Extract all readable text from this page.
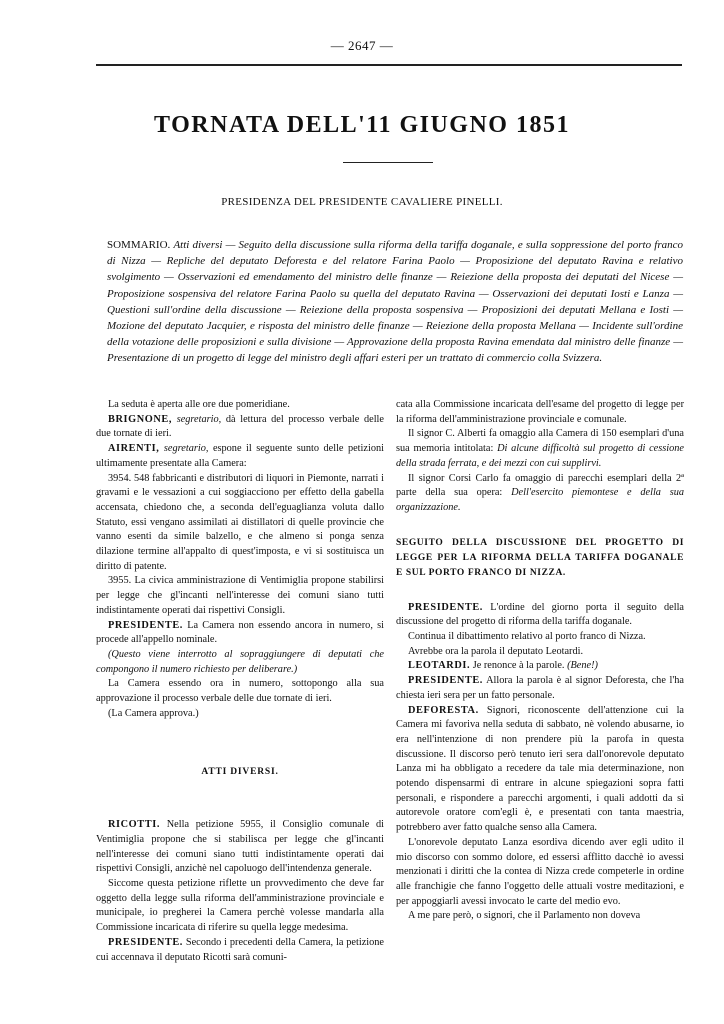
— 2647 —
TORNATA DELL'11 GIUGNO 1851
PRESIDENZA DEL PRESIDENTE CAVALIERE PINELLI.
SOMMARIO. Atti diversi — Seguito della discussione sulla riforma della tariffa doganale, e sulla soppressione del porto franco di Nizza — Repliche del deputato Deforesta e del relatore Farina Paolo — Proposizione del deputato Ravina e relativo svolgimento — Osservazioni ed emendamento del ministro delle finanze — Reiezione della proposta dei deputati del Nicese — Proposizione sospensiva del relatore Farina Paolo su quella del deputato Ravina — Osservazioni dei deputati Iosti e Lanza — Questioni sull'ordine della discussione — Reiezione della proposta sospensiva — Proposizioni dei deputati Mellana e Iosti — Mozione del deputato Jacquier, e risposta del ministro delle finanze — Reiezione della proposta Mellana — Incidente sull'ordine della votazione delle proposizioni e sulla divisione — Approvazione della proposta Ravina emendata dal ministro delle finanze — Presentazione di un progetto di legge del ministro degli affari esteri per un trattato di commercio colla Svizzera.

La seduta è aperta alle ore due pomeridiane.

BRIGNONE, segretario, dà lettura del processo verbale delle due tornate di ieri.

AIRENTI, segretario, espone il seguente sunto delle petizioni ultimamente presentate alla Camera:

3954. 548 fabbricanti e distributori di liquori in Piemonte, narrati i gravami e le vessazioni a cui soggiacciono per effetto della gabella accensata, chiedono che, a seconda dell'eguaglianza voluta dallo Statuto, essi vengano assimilati ai distillatori di quelle provincie che vanno esenti da simile balzello, e che almeno si ponga senza dilazione termine all'appalto di quest'imposta, e vi si sostituisca un diritto di patente.

3955. La civica amministrazione di Ventimiglia propone stabilirsi per legge che gl'incanti nell'interesse dei comuni siano tutti indistintamente operati dai rispettivi Consigli.

PRESIDENTE. La Camera non essendo ancora in numero, si procede all'appello nominale.

(Questo viene interrotto al sopraggiungere di deputati che compongono il numero richiesto per deliberare.)

La Camera essendo ora in numero, sottopongo alla sua approvazione il processo verbale delle due tornate di ieri.

(La Camera approva.)

ATTI DIVERSI.

RICOTTI. Nella petizione 5955, il Consiglio comunale di Ventimiglia propone che si stabilisca per legge che gl'incanti nell'interesse dei comuni siano tutti indistintamente operati dai rispettivi Consigli, anzichè nel capoluogo dell'intendenza generale.

Siccome questa petizione riflette un provvedimento che deve far oggetto della legge sulla riforma dell'amministrazione provinciale e municipale, io pregherei la Camera perchè volesse mandarla alla Commissione incaricata di riferire su quella legge medesima.

PRESIDENTE. Secondo i precedenti della Camera, la petizione cui accennava il deputato Ricotti sarà comuni-

cata alla Commissione incaricata dell'esame del progetto di legge per la riforma dell'amministrazione provinciale e comunale.

Il signor C. Alberti fa omaggio alla Camera di 150 esemplari d'una sua memoria intitolata: Di alcune difficoltà sul progetto di cessione della strada ferrata, e dei mezzi con cui supplirvi.

Il signor Corsi Carlo fa omaggio di parecchi esemplari della 2ª parte della sua opera: Dell'esercito piemontese e della sua organizzazione.

SEGUITO DELLA DISCUSSIONE DEL PROGETTO DI LEGGE PER LA RIFORMA DELLA TARIFFA DOGANALE E SUL PORTO FRANCO DI NIZZA.

PRESIDENTE. L'ordine del giorno porta il seguito della discussione del progetto di riforma della tariffa doganale.

Continua il dibattimento relativo al porto franco di Nizza.

Avrebbe ora la parola il deputato Leotardi.

LEOTARDI. Je renonce à la parole. (Bene!)

PRESIDENTE. Allora la parola è al signor Deforesta, che l'ha chiesta ieri sera per un fatto personale.

DEFORESTA. Signori, riconoscente dell'attenzione cui la Camera mi favoriva nella seduta di sabbato, nè volendo abusarne, io era nell'intenzione di non prendere più la parofa in questa discussione. Il discorso però tenuto ieri sera dall'onorevole deputato Lanza mi ha obbligato a recedere da tale mia determinazione, non potendo dispensarmi di entrare in alcune spiegazioni sopra fatti personali, e rispondere a parecchi argomenti, i quali addotti da sì autorevole oratore com'egli è, e presentati con tanta maestria, potrebbero aver fatto qualche senso alla Camera.

L'onorevole deputato Lanza esordiva dicendo aver egli udito il mio discorso con sommo dolore, ed essersi afflitto dacchè io avessi menzionati i diritti che la contea di Nizza crede competerle in ordine alle franchigie che fanno l'oggetto delle attuali vostre meditazioni, e per appoggiarli avessi invocato le carte del medio evo.

A me pare però, o signori, che il Parlamento non doveva
